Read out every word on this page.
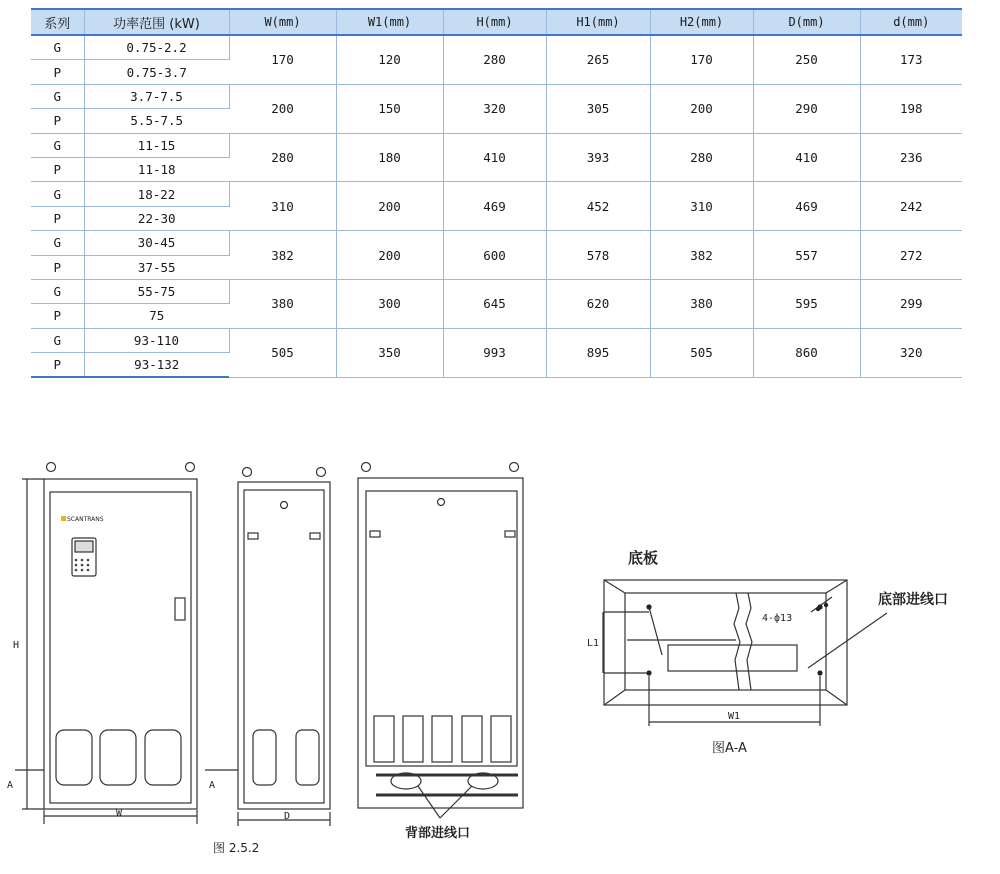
系列	功率范围 (kW)	W(mm)	W1(mm)	H(mm)	H1(mm)	H2(mm)	D(mm)	d(mm)
G	0.75-2.2	170	120	280	265	170	250	173
P	0.75-3.7							
G	3.7-7.5	200	150	320	305	200	290	198
P	5.5-7.5							
G	11-15	280	180	410	393	280	410	236
P	11-18							
G	18-22	310	200	469	452	310	469	242
P	22-30							
G	30-45	382	200	600	578	382	557	272
P	37-55							
G	55-75	380	300	645	620	380	595	299
P	75							
G	93-110	505	350	993	895	505	860	320
P	93-132							
SCANTRANS
H
W
A	A
D
图 2.5.2
背部进线口
底板
底部进线口
4-ф13
L1
W1
图A-A
